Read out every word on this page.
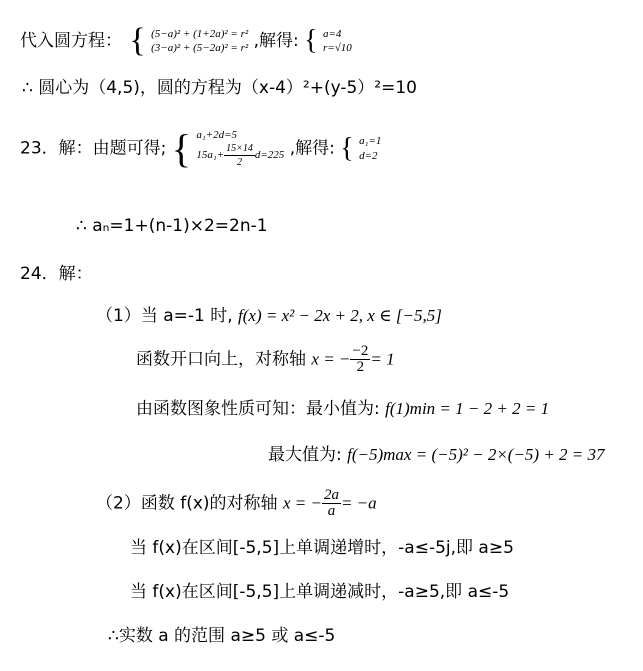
代入圆方程： { (5−a)² + (1+2a)² = r²
(3−a)² + (5−2a)² = r² ,解得: { a=4
r=√10
∴ 圆心为（4,5)，圆的方程为（x-4）²+(y-5）²=10
23．解：由题可得; { a₁+2d=5
$15a_1+ \frac{15\times 14}{2} d=225$ ,解得: { a₁=1
d=2
∴ aₙ=1+(n-1)×2=2n-1
24．解：
（1）当 a=-1 时, f(x) = x² − 2x + 2, x ∈ [−5,5]
函数开口向上，对称轴 x = − $\frac{-2}{2} = 1$
由函数图象性质可知：最小值为: f(1)min = 1 − 2 + 2 = 1
最大值为: f(−5)max = (−5)² − 2×(−5) + 2 = 37
（2）函数 f(x)的对称轴 x = − $\frac{2a}{a} = -a$
当 f(x)在区间[-5,5]上单调递增时，-a≤-5j,即 a≥5
当 f(x)在区间[-5,5]上单调递减时，-a≥5,即 a≤-5
∴实数 a 的范围 a≥5 或 a≤-5
